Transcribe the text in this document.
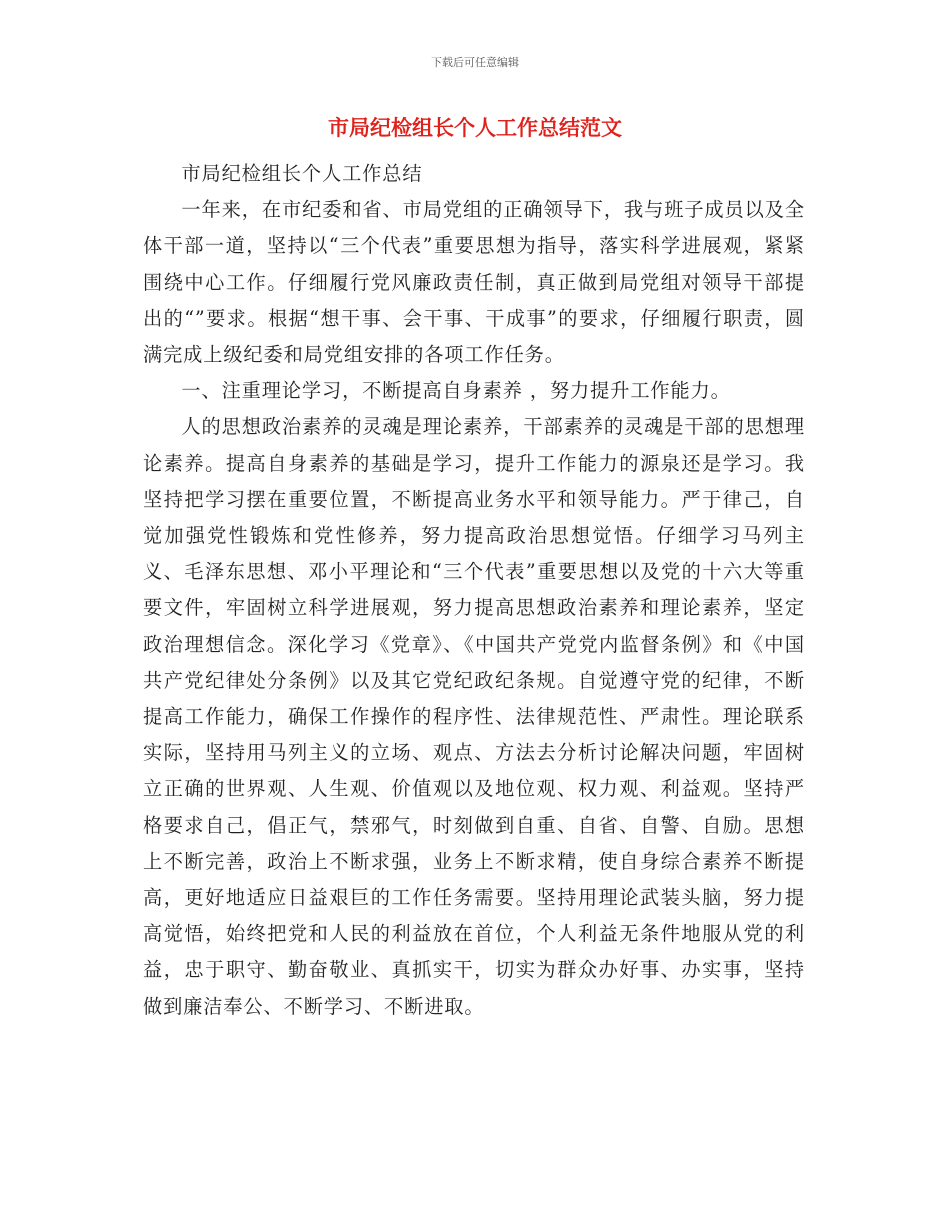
下载后可任意编辑
市局纪检组长个人工作总结范文

市局纪检组长个人工作总结

一年来，在市纪委和省、市局党组的正确领导下，我与班子成员以及全体干部一道，坚持以“三个代表”重要思想为指导，落实科学进展观，紧紧围绕中心工作。仔细履行党风廉政责任制，真正做到局党组对领导干部提出的“”要求。根据“想干事、会干事、干成事”的要求，仔细履行职责，圆满完成上级纪委和局党组安排的各项工作任务。

一、注重理论学习，不断提高自身素养 ，努力提升工作能力。

人的思想政治素养的灵魂是理论素养，干部素养的灵魂是干部的思想理论素养。提高自身素养的基础是学习，提升工作能力的源泉还是学习。我坚持把学习摆在重要位置，不断提高业务水平和领导能力。严于律己，自觉加强党性锻炼和党性修养，努力提高政治思想觉悟。仔细学习马列主义、毛泽东思想、邓小平理论和“三个代表”重要思想以及党的十六大等重要文件，牢固树立科学进展观，努力提高思想政治素养和理论素养，坚定政治理想信念。深化学习《党章》、《中国共产党党内监督条例》和《中国共产党纪律处分条例》以及其它党纪政纪条规。自觉遵守党的纪律，不断提高工作能力，确保工作操作的程序性、法律规范性、严肃性。理论联系实际，坚持用马列主义的立场、观点、方法去分析讨论解决问题，牢固树立正确的世界观、人生观、价值观以及地位观、权力观、利益观。坚持严格要求自己，倡正气，禁邪气，时刻做到自重、自省、自警、自励。思想上不断完善，政治上不断求强，业务上不断求精，使自身综合素养不断提高，更好地适应日益艰巨的工作任务需要。坚持用理论武装头脑，努力提高觉悟，始终把党和人民的利益放在首位，个人利益无条件地服从党的利益，忠于职守、勤奋敬业、真抓实干，切实为群众办好事、办实事，坚持做到廉洁奉公、不断学习、不断进取。
